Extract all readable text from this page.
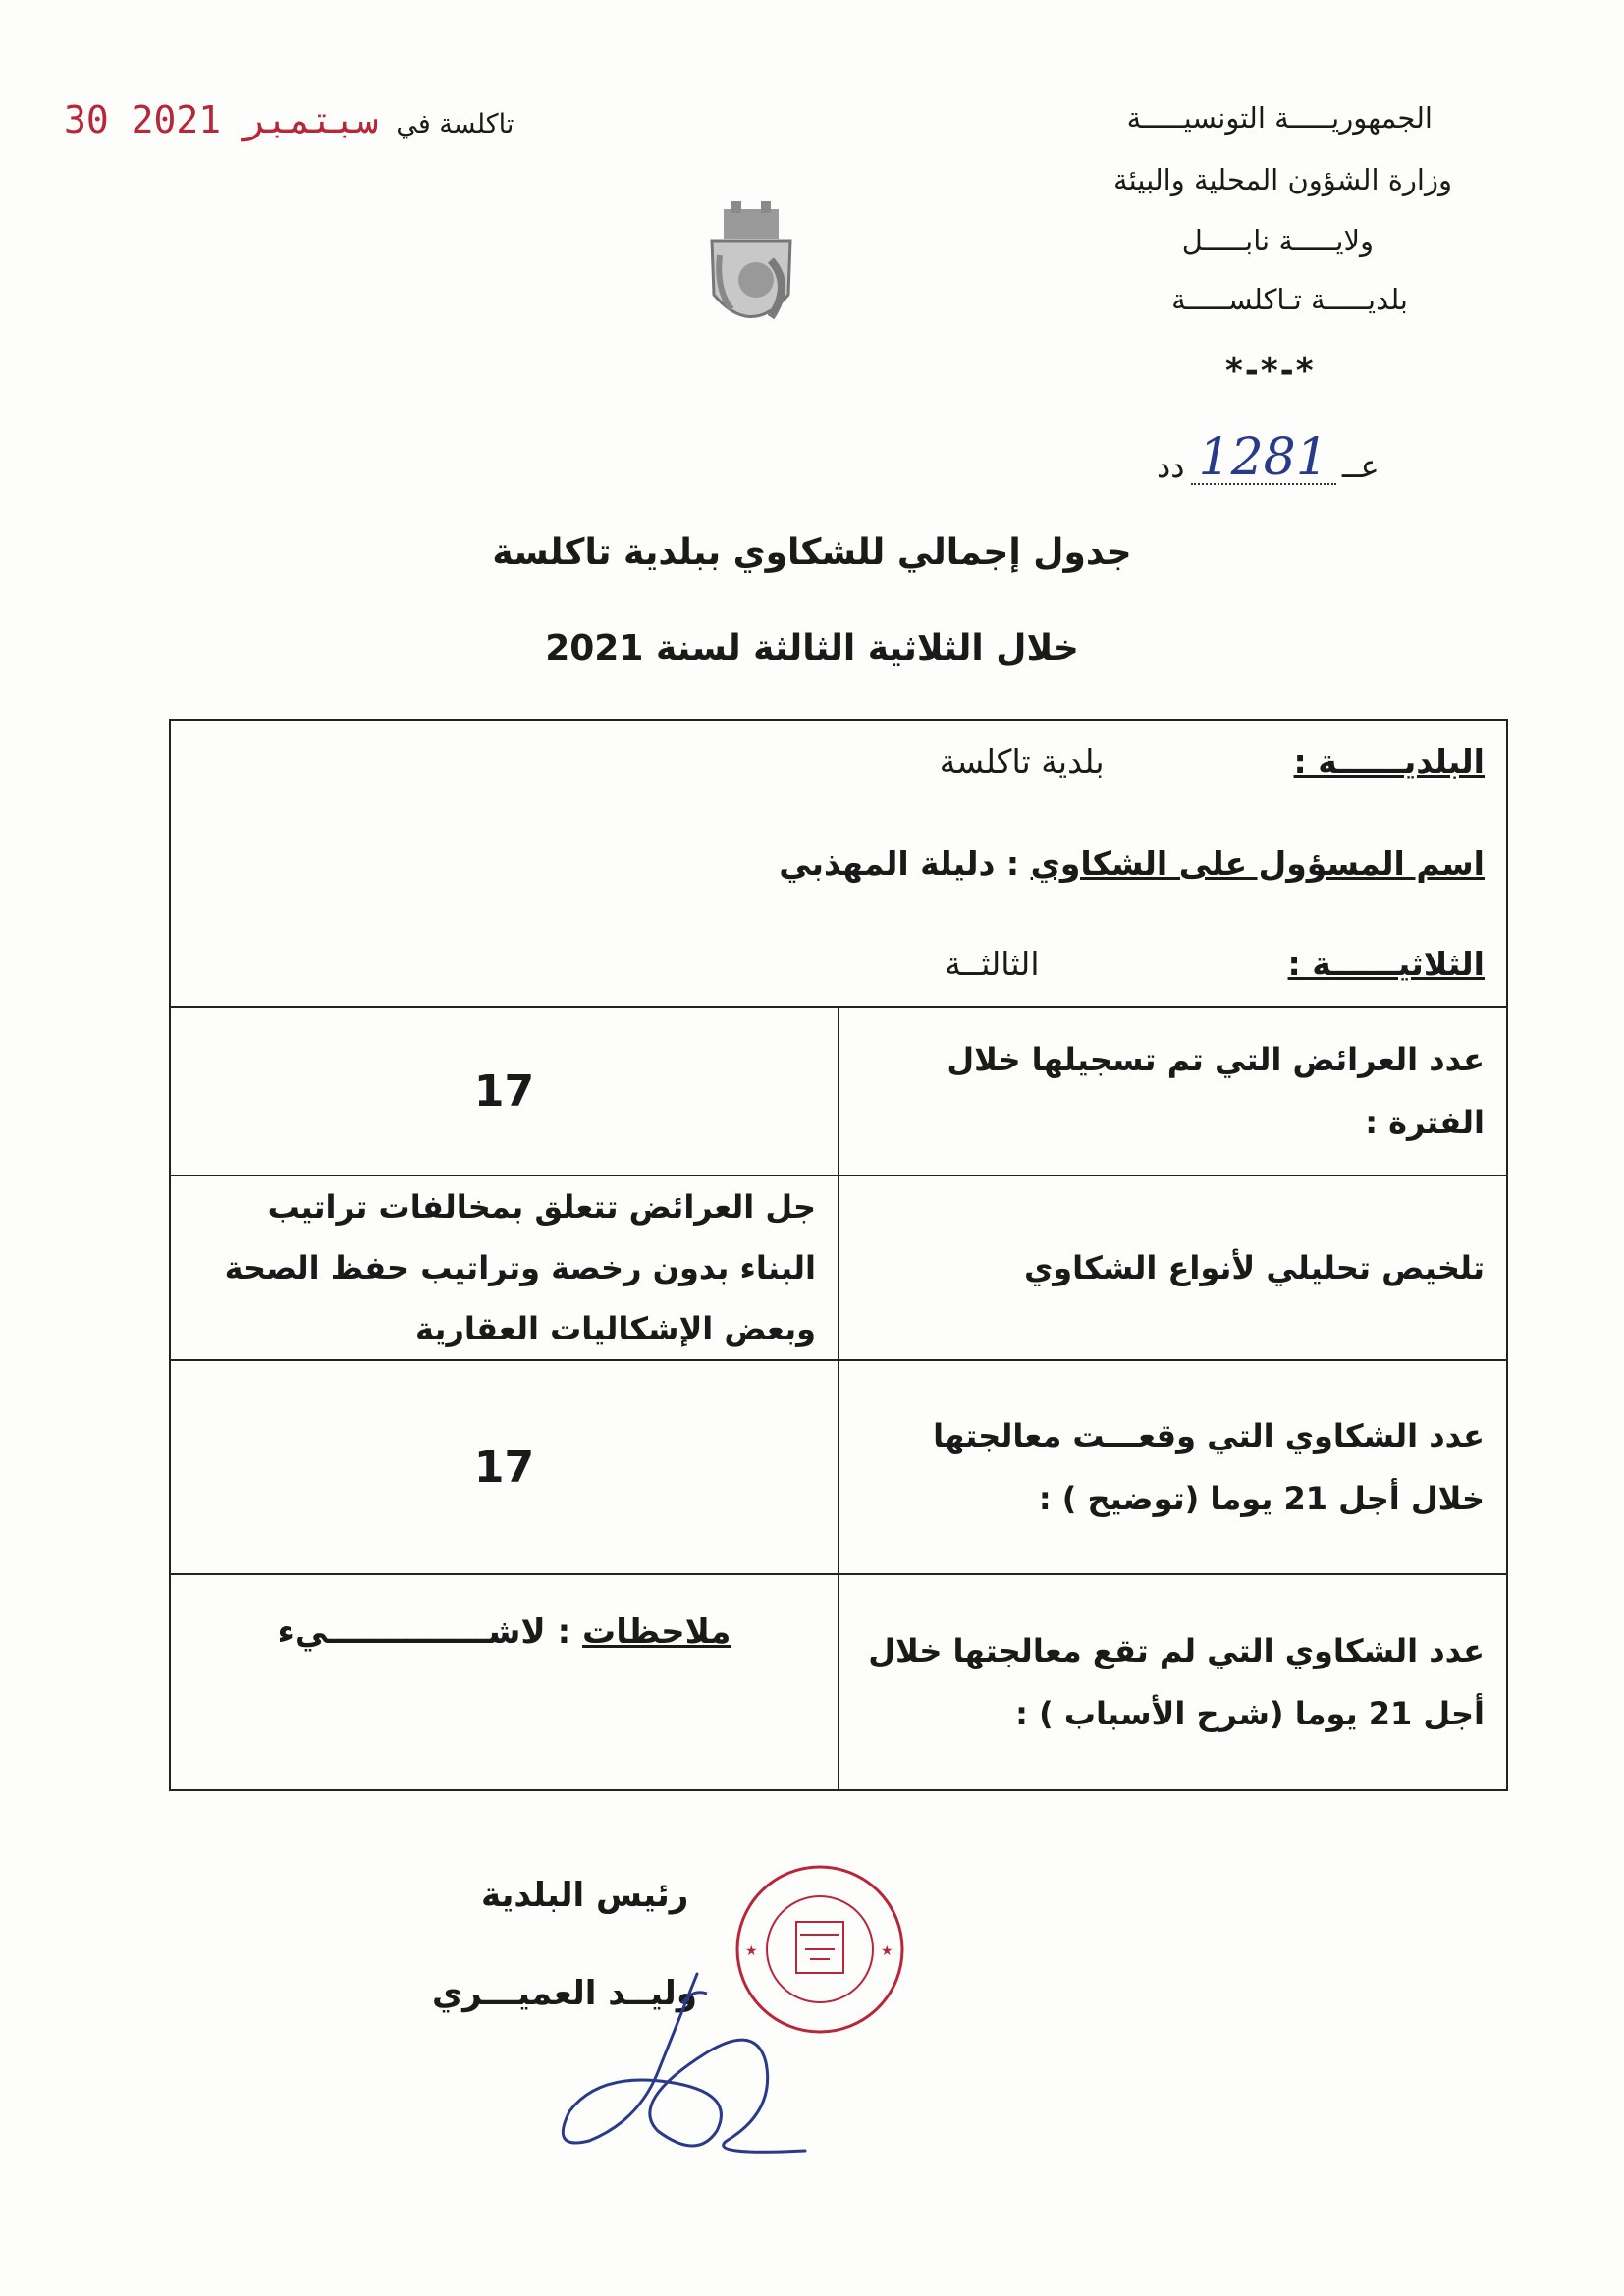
30 سبتمبر 2021 تاكلسة في	الجمهوريـــــة التونسيـــــة
وزارة الشؤون المحلية والبيئة
ولايـــــة نابـــــل
بلديـــــة تـاكلســـــة
*-*-*
عــ
1281
دد
جدول إجمالي للشكاوي ببلدية تاكلسة
خلال الثلاثية الثالثة لسنة 2021
البلديــــــة :  بلدية تاكلسة
اسم المسؤول على الشكاوي : دليلة المهذبي
الثلاثيــــــة :  الثالثــة	

عدد العرائض التي تم تسجيلها خلال الفترة :	17
تلخيص تحليلي لأنواع الشكاوي	جل العرائض تتعلق بمخالفات تراتيب البناء بدون رخصة وتراتيب حفظ الصحة وبعض الإشكاليات العقارية
عدد الشكاوي التي وقعـــت معالجتها خلال أجل 21 يوما (توضيح ) :	17
عدد الشكاوي التي لم تقع معالجتها خلال أجل 21 يوما (شرح الأسباب ) :	ملاحظات : لاشــــــــــــــيء
رئيس البلدية
وليــد العميـــري
★	★
